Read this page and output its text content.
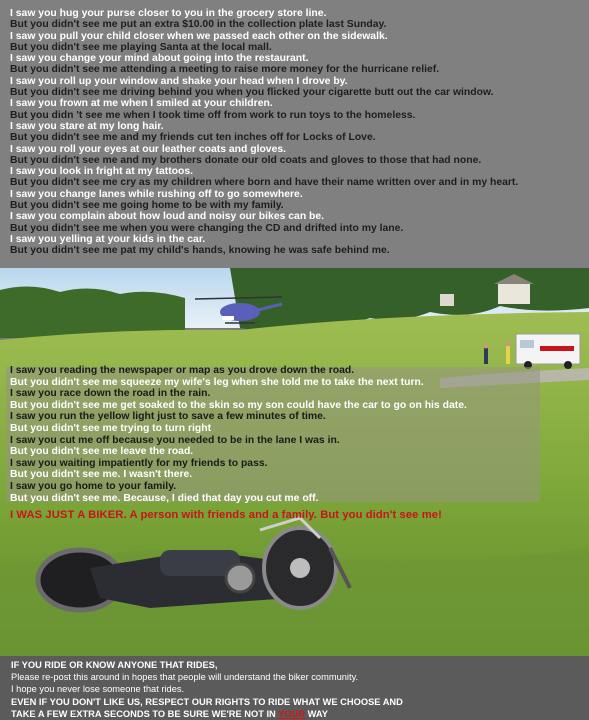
I saw you hug your purse closer to you in the grocery store line.
But you didn't see me put an extra $10.00 in the collection plate last Sunday.
I saw you pull your child closer when we passed each other on the sidewalk.
But you didn't see me playing Santa at the local mall.
I saw you change your mind about going into the restaurant.
But you didn't see me attending a meeting to raise more money for the hurricane relief.
I saw you roll up your window and shake your head when I drove by.
But you didn't see me driving behind you when you flicked your cigarette butt out the car window.
I saw you frown at me when I smiled at your children.
But you didn 't see me when I took time off from work to run toys to the homeless.
I saw you stare at my long hair.
But you didn't see me and my friends cut ten inches off for Locks of Love.
I saw you roll your eyes at our leather coats and gloves.
But you didn't see me and my brothers donate our old coats and gloves to those that had none.
I saw you look in fright at my tattoos.
But you didn't see me cry as my children where born and have their name written over and in my heart.
I saw you change lanes while rushing off to go somewhere.
But you didn't see me going home to be with my family.
I saw you complain about how loud and noisy our bikes can be.
But you didn't see me when you were changing the CD and drifted into my lane.
I saw you yelling at your kids in the car.
But you didn't see me pat my child's hands, knowing he was safe behind me.
I saw you reading the newspaper or map as you drove down the road.
But you didn't see me squeeze my wife's leg when she told me to take the next turn.
I saw you race down the road in the rain.
But you didn't see me get soaked to the skin so my son could have the car to go on his date.
I saw you run the yellow light just to save a few minutes of time.
But you didn't see me trying to turn right
I saw you cut me off because you needed to be in the lane I was in.
But you didn't see me leave the road.
I saw you waiting impatiently for my friends to pass.
But you didn't see me. I wasn't there.
I saw you go home to your family.
But you didn't see me. Because, I died that day you cut me off.
I WAS JUST A BIKER. A person with friends and a family. But you didn't see me!
IF YOU RIDE OR KNOW ANYONE THAT RIDES,
Please re-post this around in hopes that people will understand the biker community.
I hope you never lose someone that rides.
EVEN IF YOU DON'T LIKE US, RESPECT OUR RIGHTS TO RIDE WHAT WE CHOOSE AND
TAKE A FEW EXTRA SECONDS TO BE SURE WE'RE NOT IN YOUR WAY
